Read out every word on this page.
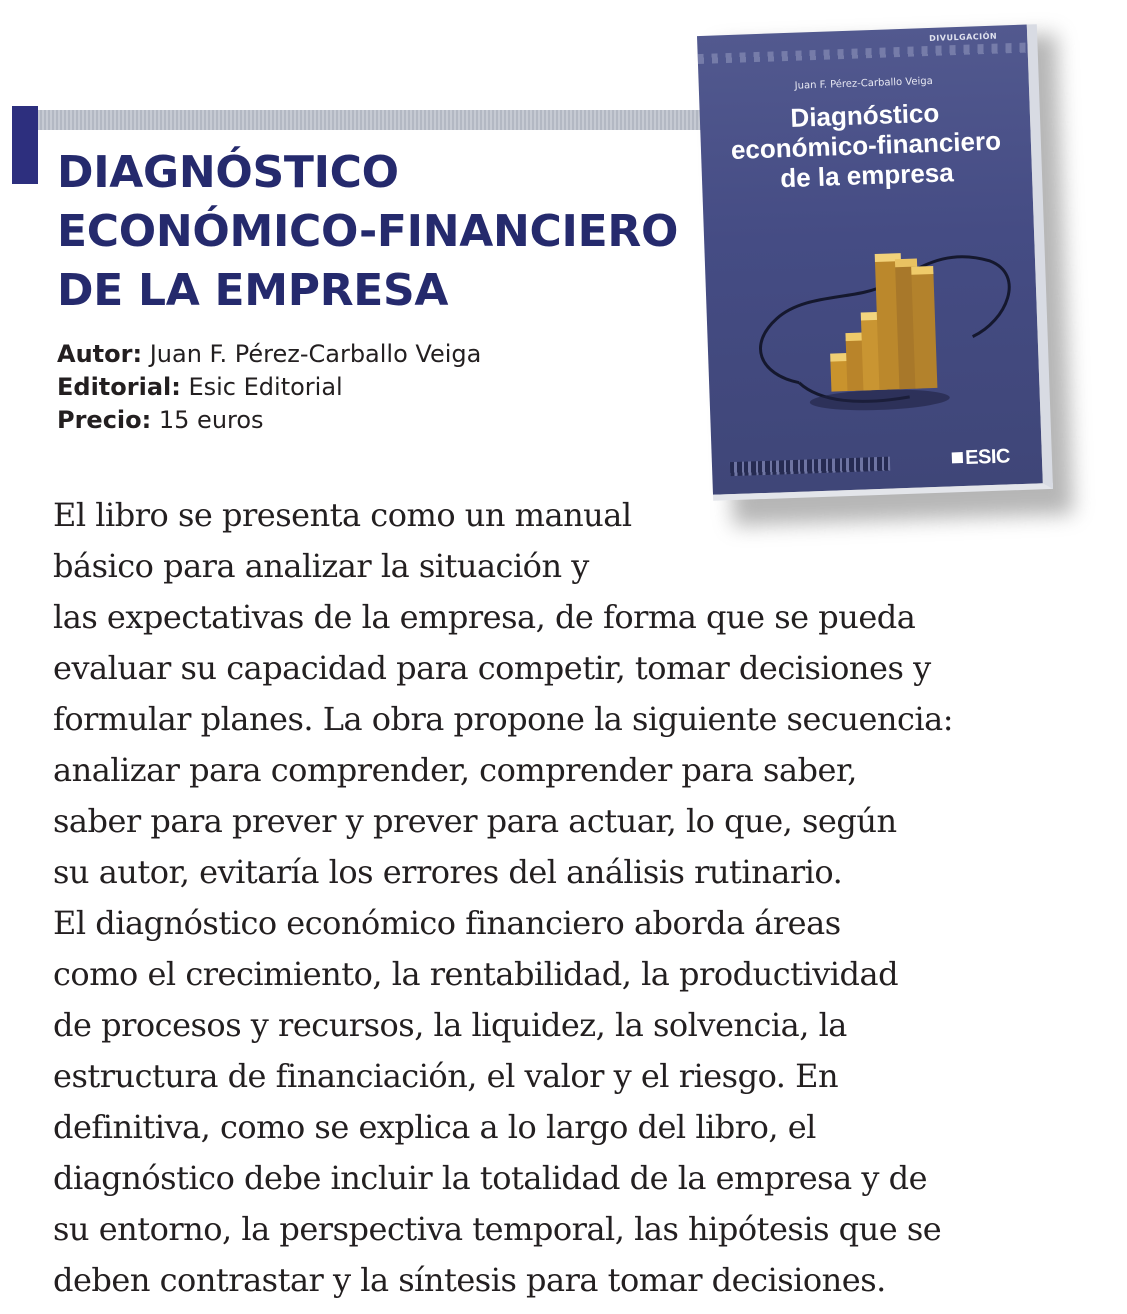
DIAGNÓSTICO
ECONÓMICO-FINANCIERO
DE LA EMPRESA
Autor: Juan F. Pérez-Carballo Veiga
Editorial: Esic Editorial
Precio: 15 euros
DIVULGACIÓN
Juan F. Pérez-Carballo Veiga
Diagnóstico
económico-financiero
de la empresa
ESIC
El libro se presenta como un manual
básico para analizar la situación y
las expectativas de la empresa, de forma que se pueda
evaluar su capacidad para competir, tomar decisiones y
formular planes. La obra propone la siguiente secuencia:
analizar para comprender, comprender para saber,
saber para prever y prever para actuar, lo que, según
su autor, evitaría los errores del análisis rutinario.
El diagnóstico económico financiero aborda áreas
como el crecimiento, la rentabilidad, la productividad
de procesos y recursos, la liquidez, la solvencia, la
estructura de financiación, el valor y el riesgo. En
definitiva, como se explica a lo largo del libro, el
diagnóstico debe incluir la totalidad de la empresa y de
su entorno, la perspectiva temporal, las hipótesis que se
deben contrastar y la síntesis para tomar decisiones.
